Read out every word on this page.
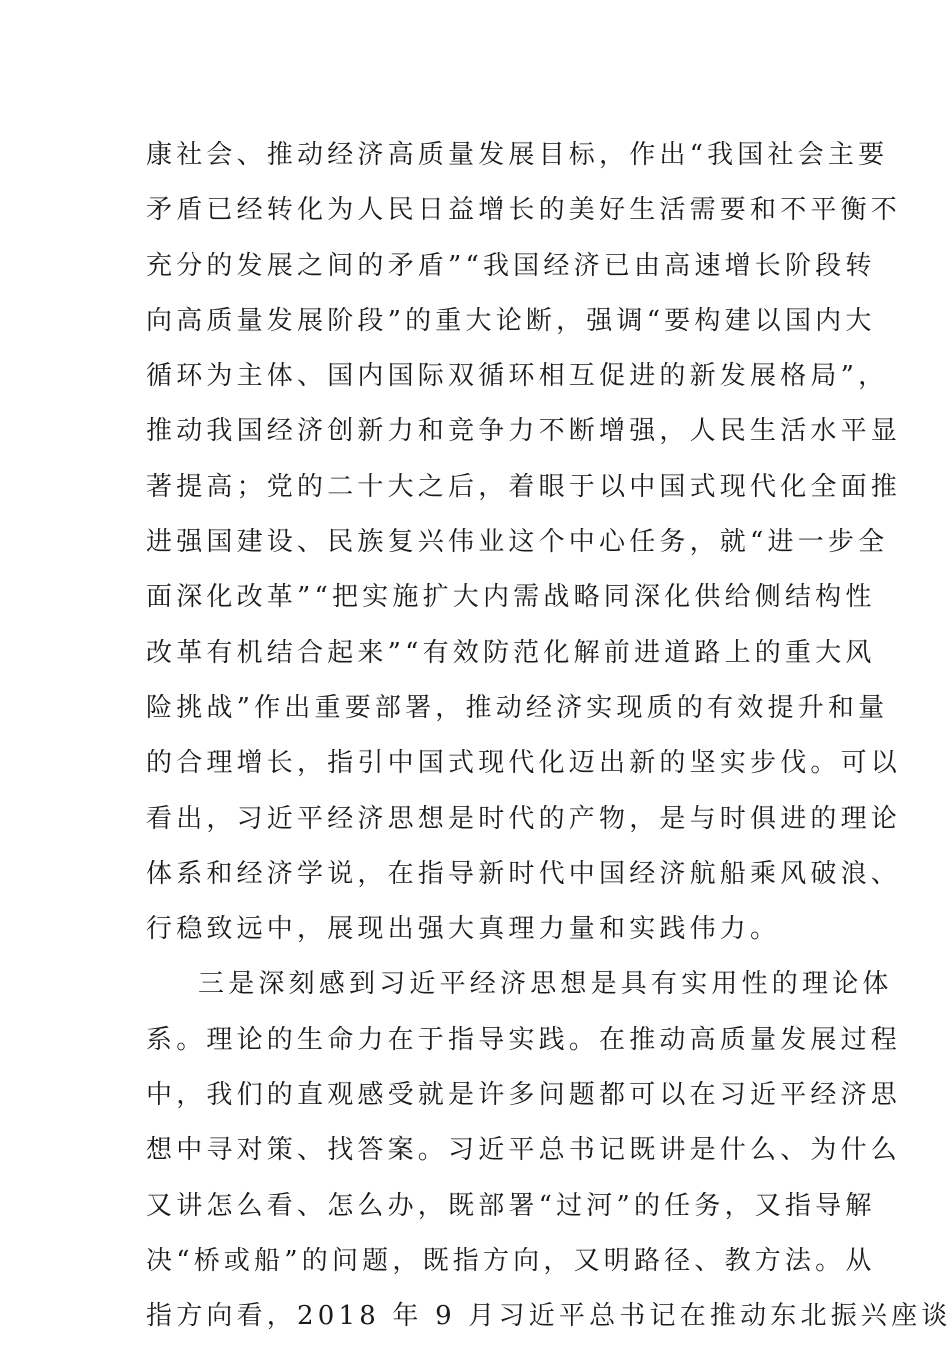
康社会、推动经济高质量发展目标，作出“我国社会主要
矛盾已经转化为人民日益增长的美好生活需要和不平衡不
充分的发展之间的矛盾”“我国经济已由高速增长阶段转
向高质量发展阶段”的重大论断，强调“要构建以国内大
循环为主体、国内国际双循环相互促进的新发展格局”，
推动我国经济创新力和竞争力不断增强，人民生活水平显
著提高；党的二十大之后，着眼于以中国式现代化全面推
进强国建设、民族复兴伟业这个中心任务，就“进一步全
面深化改革”“把实施扩大内需战略同深化供给侧结构性
改革有机结合起来”“有效防范化解前进道路上的重大风
险挑战”作出重要部署，推动经济实现质的有效提升和量
的合理增长，指引中国式现代化迈出新的坚实步伐。可以
看出，习近平经济思想是时代的产物，是与时俱进的理论
体系和经济学说，在指导新时代中国经济航船乘风破浪、
行稳致远中，展现出强大真理力量和实践伟力。
三是深刻感到习近平经济思想是具有实用性的理论体
系。理论的生命力在于指导实践。在推动高质量发展过程
中，我们的直观感受就是许多问题都可以在习近平经济思
想中寻对策、找答案。习近平总书记既讲是什么、为什么
又讲怎么看、怎么办，既部署“过河”的任务，又指导解
决“桥或船”的问题，既指方向，又明路径、教方法。从
指方向看，2018 年 9 月习近平总书记在推动东北振兴座谈
